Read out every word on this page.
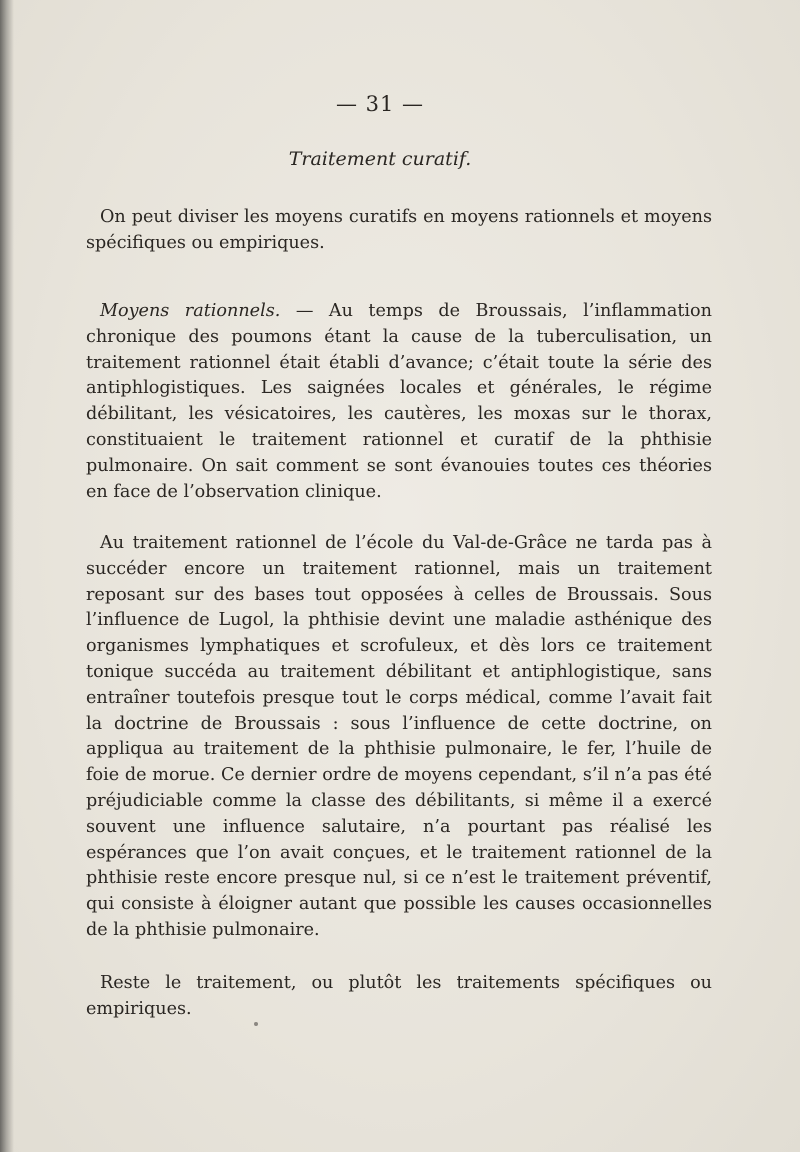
— 31 —
Traitement curatif.

On peut diviser les moyens curatifs en moyens rationnels et moyens spécifiques ou empiriques.

Moyens rationnels. — Au temps de Broussais, l’inflammation chronique des poumons étant la cause de la tuberculisation, un traitement rationnel était établi d’avance; c’était toute la série des antiphlogistiques. Les saignées locales et générales, le régime débilitant, les vésicatoires, les cautères, les moxas sur le thorax, constituaient le traitement rationnel et curatif de la phthisie pulmonaire. On sait comment se sont évanouies toutes ces théories en face de l’observation clinique.

Au traitement rationnel de l’école du Val-de-Grâce ne tarda pas à succéder encore un traitement rationnel, mais un traitement reposant sur des bases tout opposées à celles de Broussais. Sous l’influence de Lugol, la phthisie devint une maladie asthénique des organismes lymphatiques et scrofuleux, et dès lors ce traitement tonique succéda au traitement débilitant et antiphlogistique, sans entraîner toutefois presque tout le corps médical, comme l’avait fait la doctrine de Broussais : sous l’influence de cette doctrine, on appliqua au traitement de la phthisie pulmonaire, le fer, l’huile de foie de morue. Ce dernier ordre de moyens cependant, s’il n’a pas été préjudiciable comme la classe des débilitants, si même il a exercé souvent une influence salutaire, n’a pourtant pas réalisé les espérances que l’on avait conçues, et le traitement rationnel de la phthisie reste encore presque nul, si ce n’est le traitement préventif, qui consiste à éloigner autant que possible les causes occasionnelles de la phthisie pulmonaire.

Reste le traitement, ou plutôt les traitements spécifiques ou empiriques.
